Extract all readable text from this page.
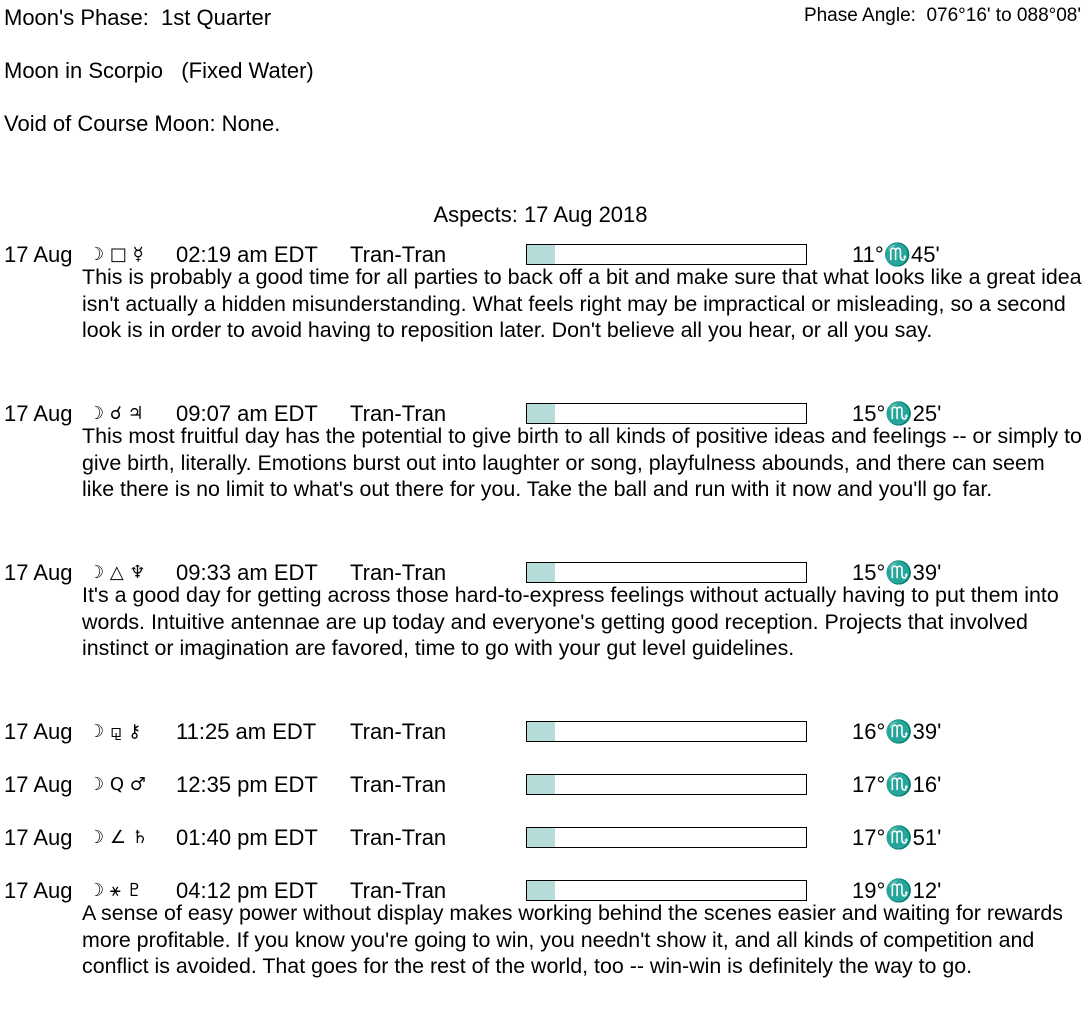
Moon's Phase:  1st Quarter	Phase Angle:  076°16' to 088°08'
Moon in Scorpio   (Fixed Water)
Void of Course Moon: None.
Aspects: 17 Aug 2018
17 Aug ☽ □ ☿ 02:19 am EDT Tran-Tran	11°♏45'
This is probably a good time for all parties to back off a bit and make sure that what looks like a great idea isn't actually a hidden misunderstanding. What feels right may be impractical or misleading, so a second look is in order to avoid having to reposition later. Don't believe all you hear, or all you say.
17 Aug ☽ ☌ ♃ 09:07 am EDT Tran-Tran	15°♏25'
This most fruitful day has the potential to give birth to all kinds of positive ideas and feelings -- or simply to give birth, literally. Emotions burst out into laughter or song, playfulness abounds, and there can seem like there is no limit to what's out there for you. Take the ball and run with it now and you'll go far.
17 Aug ☽ △ ♆ 09:33 am EDT Tran-Tran	15°♏39'
It's a good day for getting across those hard-to-express feelings without actually having to put them into words. Intuitive antennae are up today and everyone's getting good reception. Projects that involved instinct or imagination are favored, time to go with your gut level guidelines.
17 Aug ☽ ⚼ ⚷ 11:25 am EDT Tran-Tran	16°♏39'
17 Aug ☽ Q ♂ 12:35 pm EDT Tran-Tran	17°♏16'
17 Aug ☽ ∠ ♄ 01:40 pm EDT Tran-Tran	17°♏51'
17 Aug ☽ ⚹ ♇ 04:12 pm EDT Tran-Tran	19°♏12'
A sense of easy power without display makes working behind the scenes easier and waiting for rewards more profitable. If you know you're going to win, you needn't show it, and all kinds of competition and conflict is avoided. That goes for the rest of the world, too -- win-win is definitely the way to go.
